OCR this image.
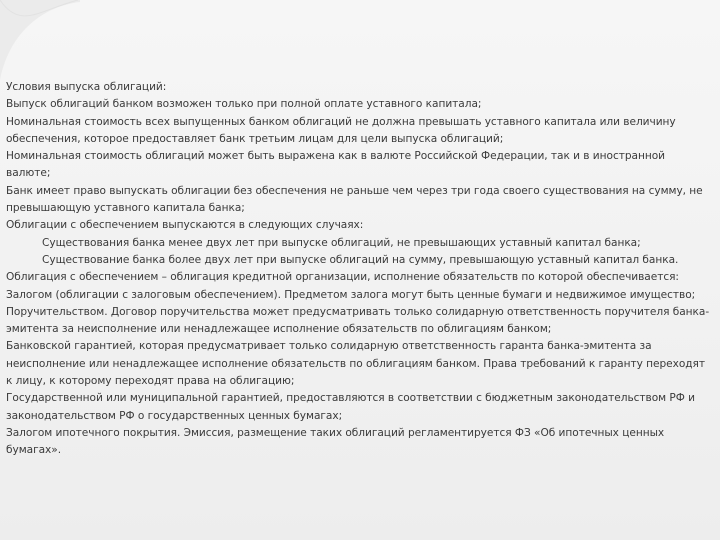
Условия выпуска облигаций:

Выпуск облигаций банком возможен только при полной оплате уставного капитала;

Номинальная стоимость всех выпущенных банком облигаций не должна превышать уставного капитала или величину обеспечения, которое предоставляет банк третьим лицам для цели выпуска облигаций;

Номинальная стоимость облигаций может быть выражена как в валюте Российской Федерации, так и в иностранной валюте;

Банк имеет право выпускать облигации без обеспечения не раньше чем через три года своего существования на сумму, не превышающую уставного капитала банка;

Облигации с обеспечением выпускаются в следующих случаях:

Существования банка менее двух лет при выпуске облигаций, не превышающих уставный капитал банка;

Существование банка более двух лет при выпуске облигаций на сумму, превышающую уставный капитал банка.

Облигация с обеспечением – облигация кредитной организации, исполнение обязательств по которой обеспечивается:

Залогом (облигации с залоговым обеспечением). Предметом залога могут быть ценные бумаги и недвижимое имущество;

Поручительством. Договор поручительства может предусматривать только солидарную ответственность поручителя банка-эмитента за неисполнение или ненадлежащее исполнение обязательств по облигациям банком;

Банковской гарантией, которая предусматривает только солидарную ответственность гаранта банка-эмитента за неисполнение или ненадлежащее исполнение обязательств по облигациям банком. Права требований к гаранту переходят к лицу, к которому переходят права на облигацию;

Государственной или муниципальной гарантией, предоставляются в соответствии с бюджетным законодательством РФ и законодательством РФ о государственных ценных бумагах;

Залогом ипотечного покрытия. Эмиссия, размещение таких облигаций регламентируется ФЗ «Об ипотечных ценных бумагах».
